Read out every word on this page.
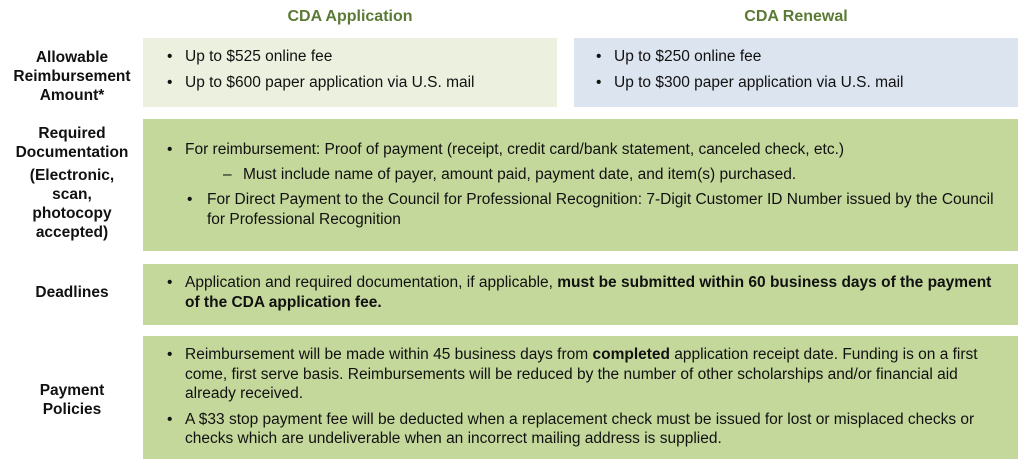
CDA Application	CDA Renewal
Allowable
Reimbursement
Amount*
• Up to $525 online fee
• Up to $600 paper application via U.S. mail
• Up to $250 online fee
• Up to $300 paper application via U.S. mail
Required
Documentation
(Electronic,
scan,
photocopy
accepted)
• For reimbursement: Proof of payment (receipt, credit card/bank statement, canceled check, etc.)
– Must include name of payer, amount paid, payment date, and item(s) purchased.
• For Direct Payment to the Council for Professional Recognition: 7-Digit Customer ID Number issued by the Council for Professional Recognition
Deadlines
• Application and required documentation, if applicable, must be submitted within 60 business days of the payment of the CDA application fee.
Payment
Policies
• Reimbursement will be made within 45 business days from completed application receipt date. Funding is on a first come, first serve basis. Reimbursements will be reduced by the number of other scholarships and/or financial aid already received.
• A $33 stop payment fee will be deducted when a replacement check must be issued for lost or misplaced checks or checks which are undeliverable when an incorrect mailing address is supplied.
